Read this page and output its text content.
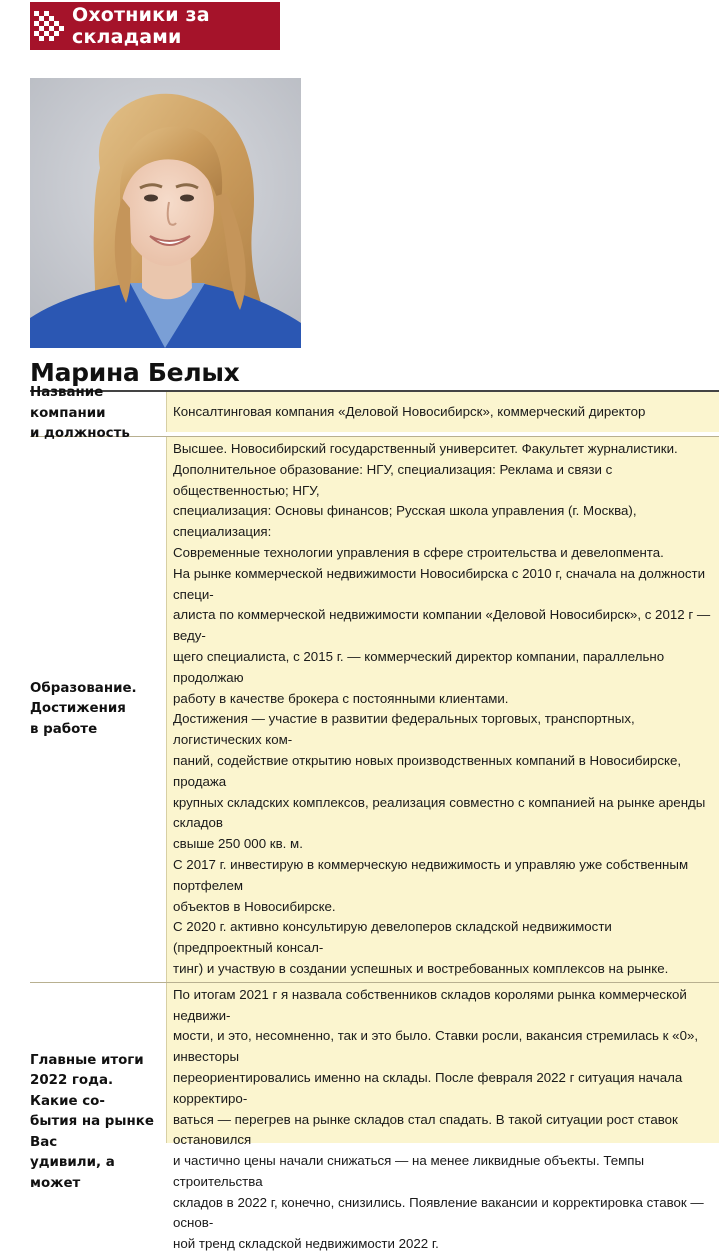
Охотники за складами
Марина Белых
Название компании
и должность

Консалтинговая компания «Деловой Новосибирск», коммерческий директор

Образование.
Достижения
в работе

Высшее. Новосибирский государственный университет. Факультет журналистики.

Дополнительное образование: НГУ, специализация: Реклама и связи с общественностью; НГУ,

специализация: Основы финансов; Русская школа управления (г. Москва), специализация:

Современные технологии управления в сфере строительства и девелопмента.

На рынке коммерческой недвижимости Новосибирска с 2010 г, сначала на должности специ-

алиста по коммерческой недвижимости компании «Деловой Новосибирск», с 2012 г — веду-

щего специалиста, с 2015 г. — коммерческий директор компании, параллельно продолжаю

работу в качестве брокера с постоянными клиентами.

Достижения — участие в развитии федеральных торговых, транспортных, логистических ком-

паний, содействие открытию новых производственных компаний в Новосибирске, продажа

крупных складских комплексов, реализация совместно с компанией на рынке аренды складов

свыше 250 000 кв. м.

С 2017 г. инвестирую в коммерческую недвижимость и управляю уже собственным портфелем

объектов в Новосибирске.

С 2020 г. активно консультирую девелоперов складской недвижимости (предпроектный консал-

тинг) и участвую в создании успешных и востребованных комплексов на рынке.

Главные итоги
2022 года. Какие со-
бытия на рынке Вас
удивили, а может

По итогам 2021 г я назвала собственников складов королями рынка коммерческой недвижи-

мости, и это, несомненно, так и это было. Ставки росли, вакансия стремилась к «0», инвесторы

переориентировались именно на склады. После февраля 2022 г ситуация начала корректиро-

ваться — перегрев на рынке складов стал спадать. В такой ситуации рост ставок остановился

и частично цены начали снижаться — на менее ликвидные объекты. Темпы строительства

складов в 2022 г, конечно, снизились. Появление вакансии и корректировка ставок — основ-

ной тренд складской недвижимости 2022 г.
